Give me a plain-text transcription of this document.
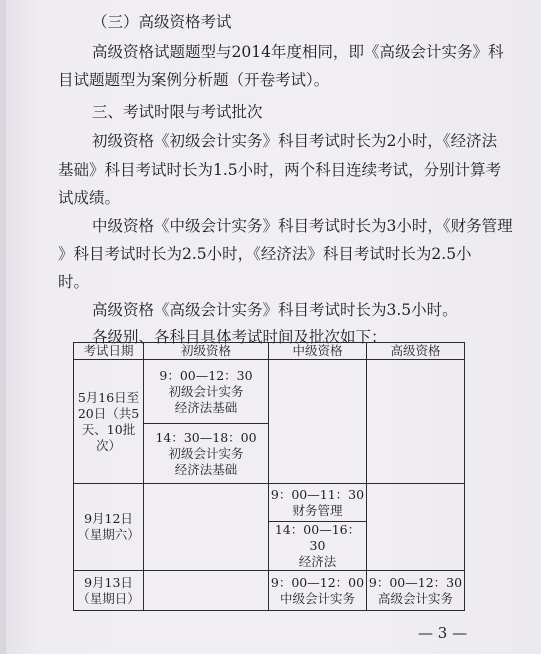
（三）高级资格考试
高级资格试题题型与2014年度相同，即《高级会计实务》科
目试题题型为案例分析题（开卷考试）。
三、考试时限与考试批次
初级资格《初级会计实务》科目考试时长为2小时，《经济法
基础》科目考试时长为1.5小时，两个科目连续考试，分别计算考
试成绩。
中级资格《中级会计实务》科目考试时长为3小时，《财务管理
》科目考试时长为2.5小时，《经济法》科目考试时长为2.5小
时。
高级资格《高级会计实务》科目考试时长为3.5小时。
各级别、各科目具体考试时间及批次如下：
考试日期	初级资格	中级资格	高级资格

5月16日至
20日（共5
天、10批
次）	9：00—12：30
初级会计实务
经济法基础		

	14：30—18：00
初级会计实务
经济法基础		

9月12日
（星期六）		9：00—11：30
财务管理	

		14：00—16：30
经济法	

9月13日
（星期日）		9：00—12：00
中级会计实务	9：00—12：30
高级会计实务
— 3 —
